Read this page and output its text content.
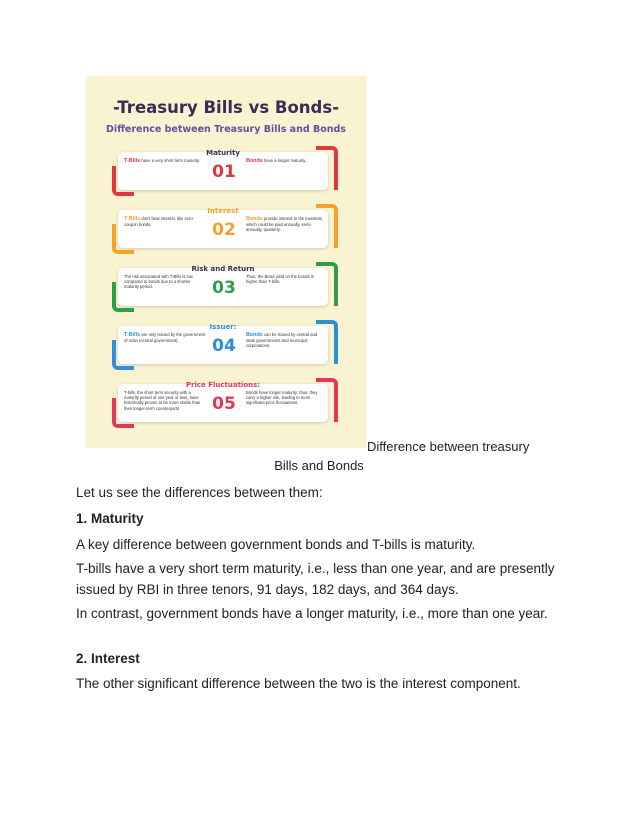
-Treasury Bills vs Bonds-
Difference between Treasury Bills and Bonds
Maturity
01
T-Bills have a very short term maturity.	Bonds have a longer maturity.
Interest
02
T-Bills don't bear interest, like zero-coupon bonds.
Bonds provide interest to the investors, which could be paid annually, semi-annually, quarterly.
Risk and Return
03
The risk associated with T-Bills is low compared to bonds due to a shorter maturity period.
Thus, the Bond yield on the bonds is higher than T-bills.
Issuer:
04
T-Bills are only issued by the government of India (central government).
Bonds can be issued by central and state governments and municipal corporations.
Price Fluctuations:
05
T-bills, the short term security with a maturity period of one year or less, have historically proven to be more stable than their longer-term counterparts
Bonds have longer maturity; thus, they carry a higher risk, leading to more significant price fluctuations.
Difference between treasury
Bills and Bonds
Let us see the differences between them:
1. Maturity
A key difference between government bonds and T-bills is maturity.
T-bills have a very short term maturity, i.e., less than one year, and are presently issued by RBI in three tenors, 91 days, 182 days, and 364 days.
In contrast, government bonds have a longer maturity, i.e., more than one year.
2. Interest
The other significant difference between the two is the interest component.
